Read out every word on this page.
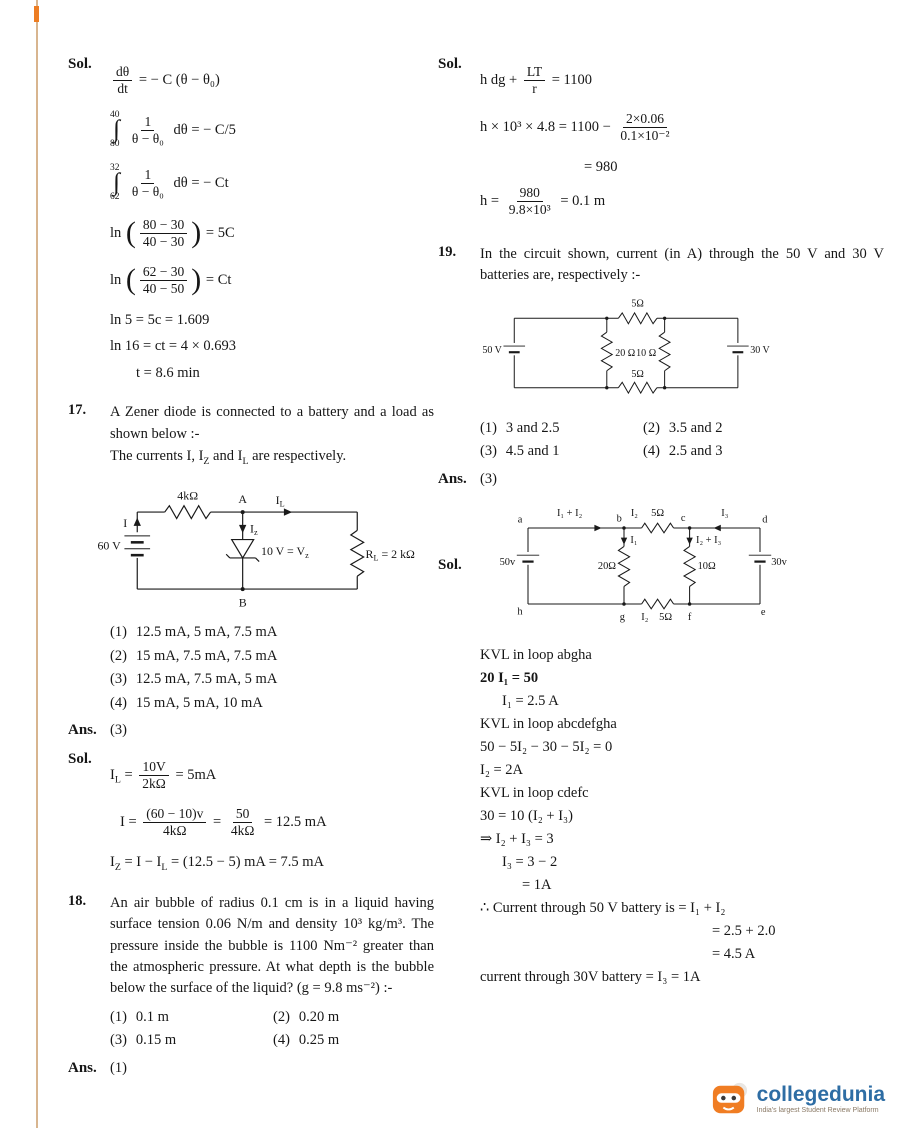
Sol.	$\frac{d\theta}{dt}$ = − C (θ − θ₀)
40
∫
$80 \frac{1}{\text{θ − θ₀}}$ dθ = − C/5
32
∫
$62 \frac{1}{\text{θ − θ₀}}$ dθ = − Ct
ln ( $\frac{80 - 30}{40 - 30}$ ) = 5C
ln ( $\frac{62 - 30}{40 - 50}$ ) = Ct
ln 5 = 5c = 1.609
ln 16 = ct = 4 × 0.693
t = 8.6 min
17.	A Zener diode is connected to a battery and a load as shown below :-
The currents I, $I_Z$ and $I_L$ are respectively.
4kΩ	A $I_L$
I
60 V
$I_z$
10 $V = V_z$	$R_L = 2$ kΩ
B
(1) 12.5 mA, 5 mA, 7.5 mA
(2) 15 mA, 7.5 mA, 7.5 mA
(3) 12.5 mA, 7.5 mA, 5 mA
(4) 15 mA, 5 mA, 10 mA
Ans. (3)
Sol.
$I_L = \frac{10V}{2k\Omega} = 5mA$
$I = \frac{(60 - 10)v}{4k\Omega} = \frac{50}{4k\Omega} = 12.5$ mA
$I_Z = I - I_L = (12.5 - 5)$ mA = 7.5 mA
18.	An air bubble of radius 0.1 cm is in a liquid having surface tension 0.06 N/m and density 10³ kg/m³. The pressure inside the bubble is 1100 Nm⁻² greater than the atmospheric pressure. At what depth is the bubble below the surface of the liquid? (g = 9.8 ms⁻²) :-
(1) 0.1 m	(2) 0.20 m
(3) 0.15 m	(4) 0.25 m
Ans. (1)
Sol.
h dg + $\frac{LT}{r} = 1100$
$h \times 10^3 \times 4.8 = 1100 - \frac{2\times 0.06}{\text{0.1×10⁻²}}$
= 980
$h = \frac{980}{\text{9.8×10³}} = 0.1$ m
19.	In the circuit shown, current (in A) through the 50 V and 30 V batteries are, respectively :-
5Ω
50 V	20 Ω 10 Ω	30 V
5Ω
(1) 3 and 2.5	(2) 3.5 and 2
(3) 4.5 and 1	(4) 2.5 and 3
Ans. (3)
Sol.
a
I₁ + I₂
b
I₂ 5Ω c	I₃
d
I₁	I₂ + I₃
20Ω	10Ω
50v	30v
h
g I₂ 5Ω f	e
KVL in loop abgha
20 I₁ = 50
I₁ = 2.5 A
KVL in loop abcdefgha
50 − 5I₂ − 30 − 5I₂ = 0
I₂ = 2A
KVL in loop cdefc
30 = 10 (I₂ + I₃)
⇒ I₂ + I₃ = 3
I₃ = 3 − 2
= 1A
∴ Current through 50 V battery is = I₁ + I₂
= 2.5 + 2.0
= 4.5 A
current through 30V battery = I₃ = 1A
collegedunia
India's largest Student Review Platform
